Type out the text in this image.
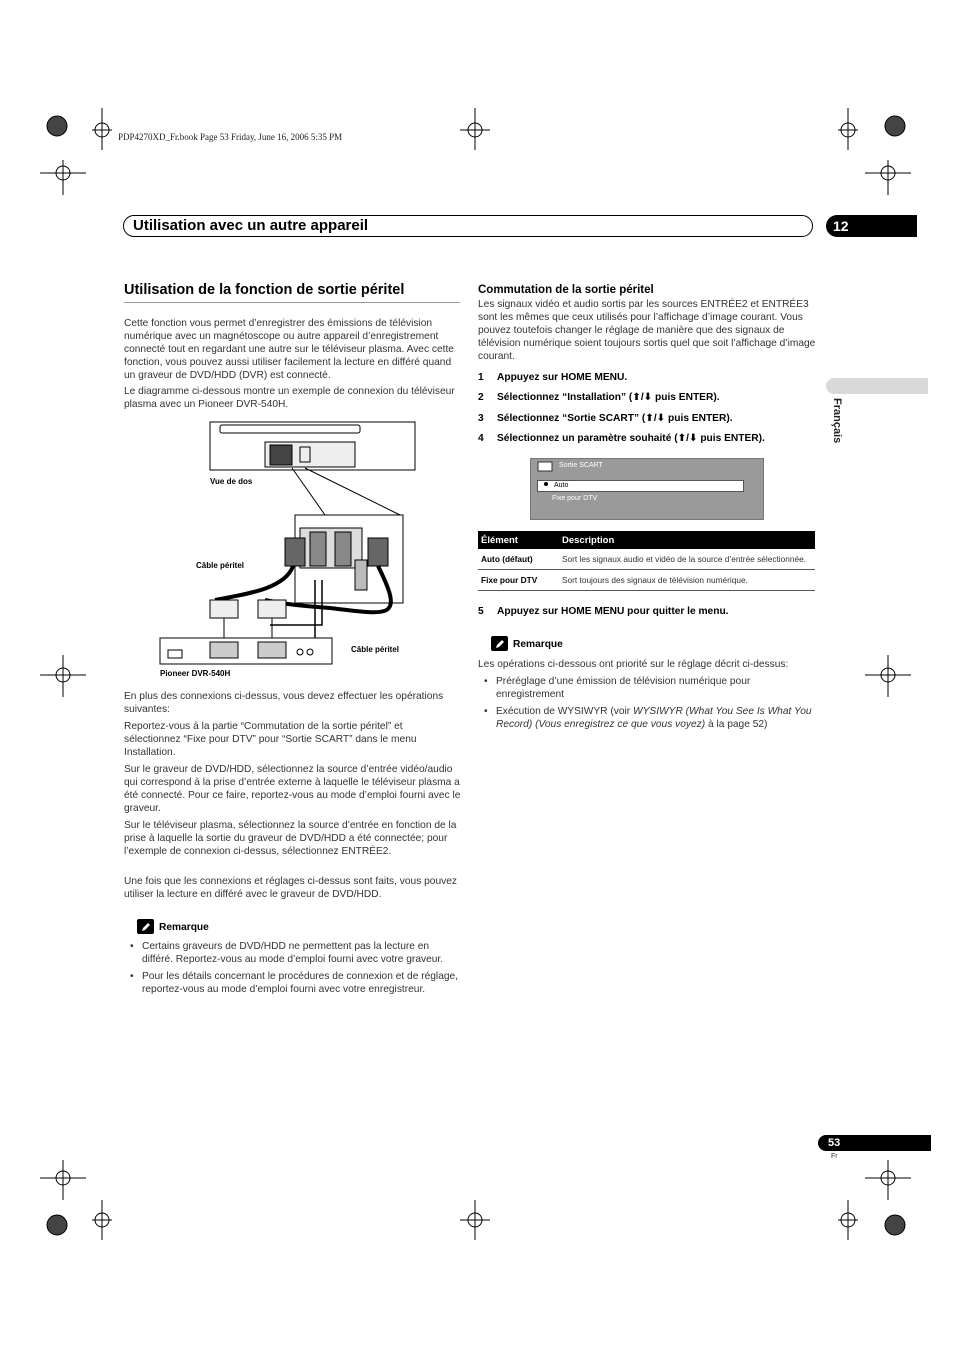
PDP4270XD_Fr.book Page 53 Friday, June 16, 2006 5:35 PM
Utilisation avec un autre appareil	12
Français
Utilisation de la fonction de sortie péritel
Cette fonction vous permet d’enregistrer des émissions de télévision numérique avec un magnétoscope ou autre appareil d’enregistrement connecté tout en regardant une autre sur le téléviseur plasma. Avec cette fonction, vous pouvez aussi utiliser facilement la lecture en différé quand un graveur de DVD/HDD (DVR) est connecté.
Le diagramme ci-dessous montre un exemple de connexion du téléviseur plasma avec un Pioneer DVR-540H.
Vue de dos
Câble péritel
Câble péritel
Pioneer DVR-540H
En plus des connexions ci-dessus, vous devez effectuer les opérations suivantes:
Reportez-vous à la partie “Commutation de la sortie péritel” et sélectionnez “Fixe pour DTV” pour “Sortie SCART” dans le menu Installation.
Sur le graveur de DVD/HDD, sélectionnez la source d’entrée vidéo/audio qui correspond à la prise d’entrée externe à laquelle le téléviseur plasma a été connecté. Pour ce faire, reportez-vous au mode d’emploi fourni avec le graveur.
Sur le téléviseur plasma, sélectionnez la source d’entrée en fonction de la prise à laquelle la sortie du graveur de DVD/HDD a été connectée; pour l’exemple de connexion ci-dessus, sélectionnez ENTRÉE2.
Une fois que les connexions et réglages ci-dessus sont faits, vous pouvez utiliser la lecture en différé avec le graveur de DVD/HDD.
Remarque
• Certains graveurs de DVD/HDD ne permettent pas la lecture en différé. Reportez-vous au mode d’emploi fourni avec votre graveur.
• Pour les détails concernant le procédures de connexion et de réglage, reportez-vous au mode d’emploi fourni avec votre enregistreur.
Commutation de la sortie péritel
Les signaux vidéo et audio sortis par les sources ENTRÉE2 et ENTRÉE3 sont les mêmes que ceux utilisés pour l’affichage d’image courant. Vous pouvez toutefois changer le réglage de manière que des signaux de télévision numérique soient toujours sortis quel que soit l’affichage d’image courant.
1 Appuyez sur HOME MENU.
2 Sélectionnez “Installation” (⬆/⬇ puis ENTER).
3 Sélectionnez “Sortie SCART” (⬆/⬇ puis ENTER).
4 Sélectionnez un paramètre souhaité (⬆/⬇ puis ENTER).
Sortie SCART
Auto
Fixe pour DTV
Élément	Description
Auto (défaut)	Sort les signaux audio et vidéo de la source d’entrée sélectionnée.
Fixe pour DTV	Sort toujours des signaux de télévision numérique.
5 Appuyez sur HOME MENU pour quitter le menu.
Remarque
Les opérations ci-dessous ont priorité sur le réglage décrit ci-dessus:
• Préréglage d’une émission de télévision numérique pour enregistrement
• Exécution de WYSIWYR (voir WYSIWYR (What You See Is What You Record) (Vous enregistrez ce que vous voyez) à la page 52)
53
Fr
